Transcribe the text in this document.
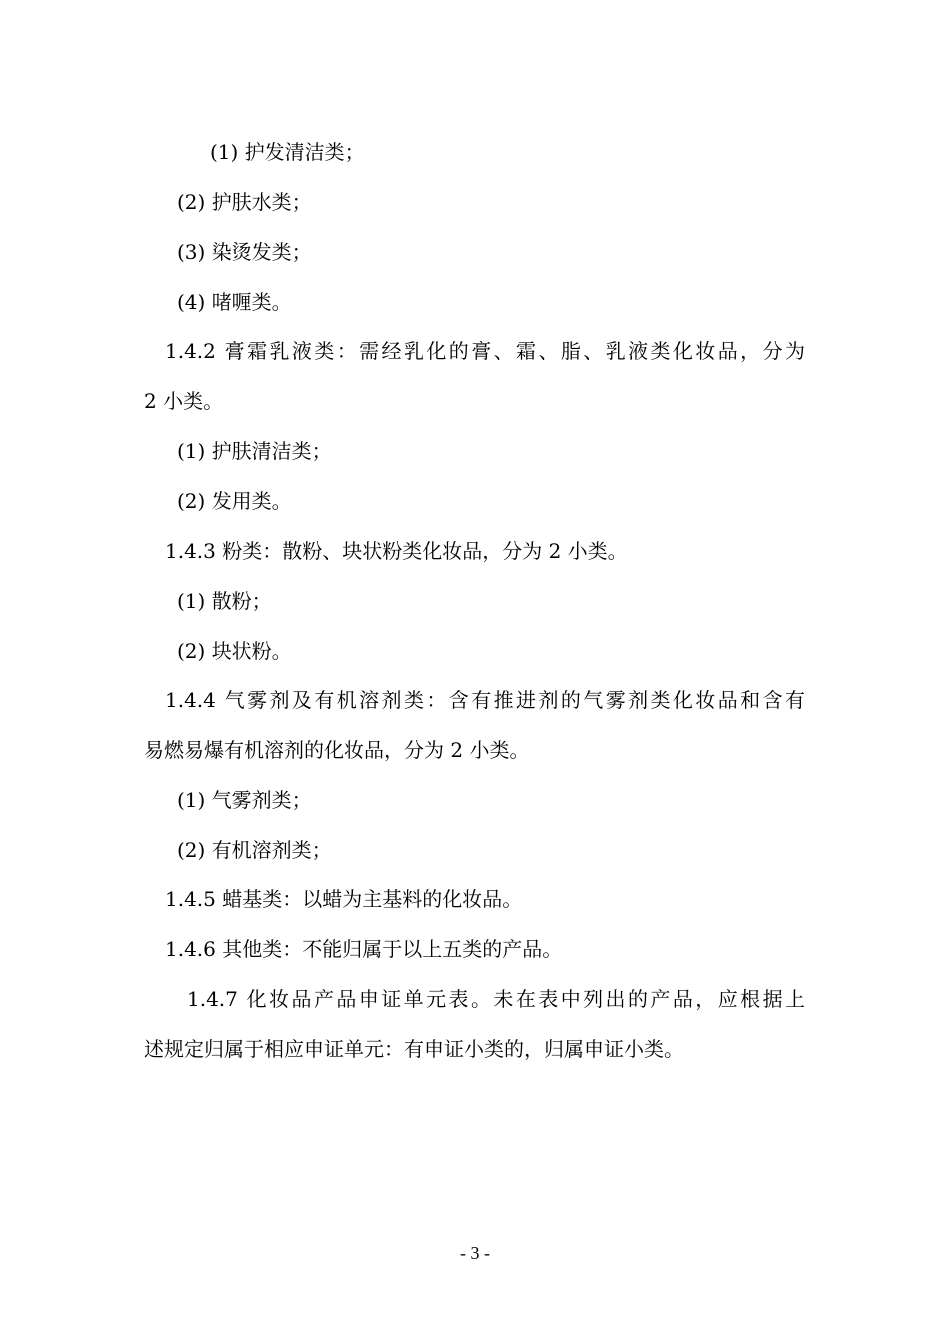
(1) 护发清洁类；
(2) 护肤水类；
(3) 染烫发类；
(4) 啫喱类。
1.4.2 膏霜乳液类：需经乳化的膏、霜、脂、乳液类化妆品，分为
2 小类。
(1) 护肤清洁类；
(2) 发用类。
1.4.3 粉类：散粉、块状粉类化妆品，分为 2 小类。
(1) 散粉；
(2) 块状粉。
1.4.4 气雾剂及有机溶剂类：含有推进剂的气雾剂类化妆品和含有
易燃易爆有机溶剂的化妆品，分为 2 小类。
(1) 气雾剂类；
(2) 有机溶剂类；
1.4.5 蜡基类：以蜡为主基料的化妆品。
1.4.6 其他类：不能归属于以上五类的产品。
1.4.7 化妆品产品申证单元表。未在表中列出的产品，应根据上
述规定归属于相应申证单元：有申证小类的，归属申证小类。
- 3 -
